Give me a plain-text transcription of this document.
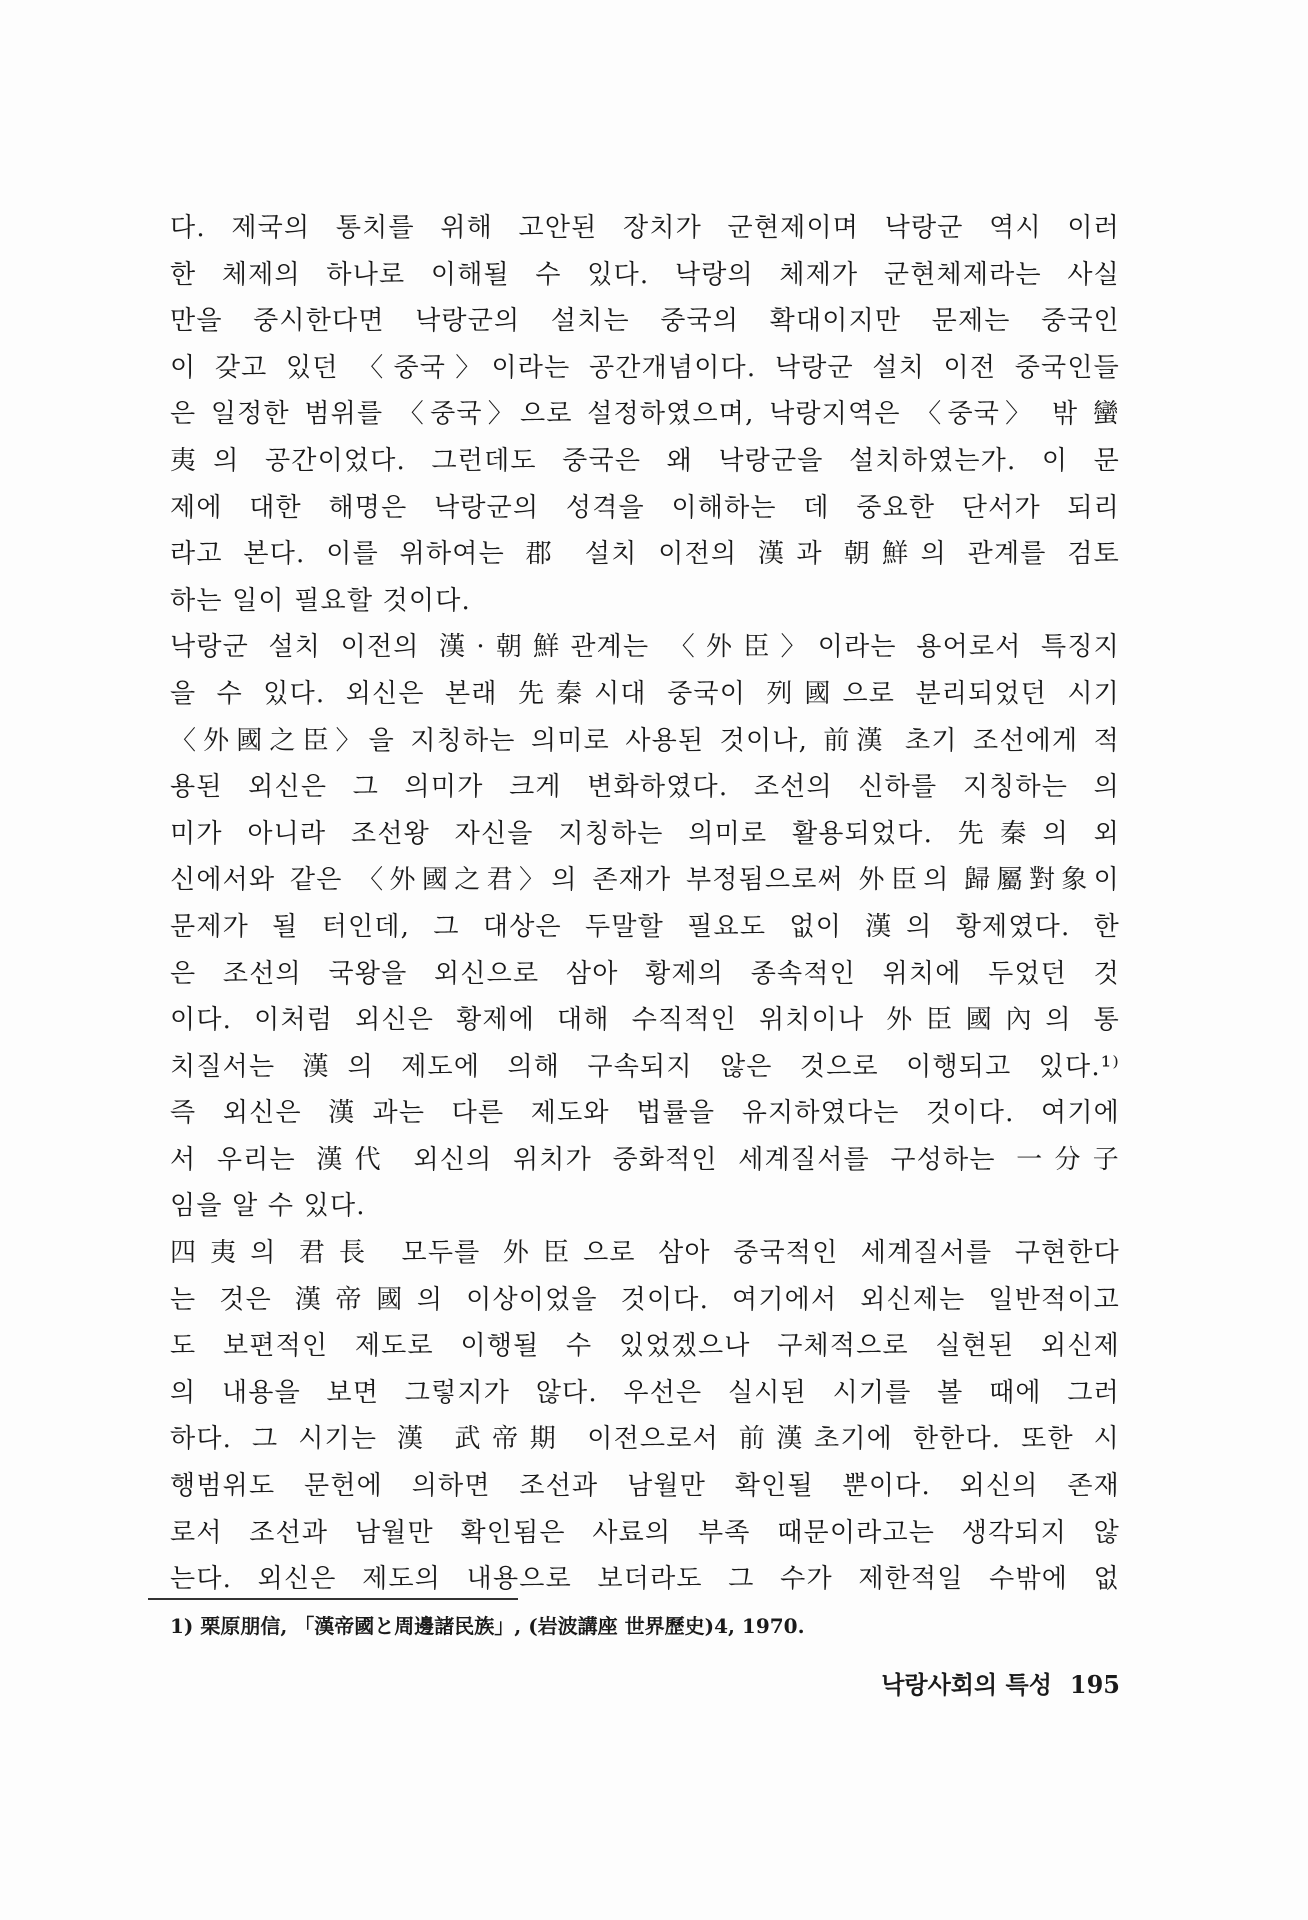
다. 제국의 통치를 위해 고안된 장치가 군현제이며 낙랑군 역시 이러
한 체제의 하나로 이해될 수 있다. 낙랑의 체제가 군현체제라는 사실
만을 중시한다면 낙랑군의 설치는 중국의 확대이지만 문제는 중국인
이 갖고 있던 〈중국〉이라는 공간개념이다. 낙랑군 설치 이전 중국인들
은 일정한 범위를 〈중국〉으로 설정하였으며, 낙랑지역은 〈중국〉 밖 蠻
夷의 공간이었다. 그런데도 중국은 왜 낙랑군을 설치하였는가. 이 문
제에 대한 해명은 낙랑군의 성격을 이해하는 데 중요한 단서가 되리
라고 본다. 이를 위하여는 郡 설치 이전의 漢과 朝鮮의 관계를 검토
하는 일이 필요할 것이다.
낙랑군 설치 이전의 漢·朝鮮관계는 〈外臣〉이라는 용어로서 특징지
을 수 있다. 외신은 본래 先秦시대 중국이 列國으로 분리되었던 시기
〈外國之臣〉을 지칭하는 의미로 사용된 것이나, 前漢 초기 조선에게 적
용된 외신은 그 의미가 크게 변화하였다. 조선의 신하를 지칭하는 의
미가 아니라 조선왕 자신을 지칭하는 의미로 활용되었다. 先秦의 외
신에서와 같은 〈外國之君〉의 존재가 부정됨으로써 外臣의 歸屬對象이
문제가 될 터인데, 그 대상은 두말할 필요도 없이 漢의 황제였다. 한
은 조선의 국왕을 외신으로 삼아 황제의 종속적인 위치에 두었던 것
이다. 이처럼 외신은 황제에 대해 수직적인 위치이나 外臣國內의 통
치질서는 漢의 제도에 의해 구속되지 않은 것으로 이행되고 있다.¹⁾
즉 외신은 漢과는 다른 제도와 법률을 유지하였다는 것이다. 여기에
서 우리는 漢代 외신의 위치가 중화적인 세계질서를 구성하는 一分子
임을 알 수 있다.
四夷의 君長 모두를 外臣으로 삼아 중국적인 세계질서를 구현한다
는 것은 漢帝國의 이상이었을 것이다. 여기에서 외신제는 일반적이고
도 보편적인 제도로 이행될 수 있었겠으나 구체적으로 실현된 외신제
의 내용을 보면 그렇지가 않다. 우선은 실시된 시기를 볼 때에 그러
하다. 그 시기는 漢 武帝期 이전으로서 前漢초기에 한한다. 또한 시
행범위도 문헌에 의하면 조선과 남월만 확인될 뿐이다. 외신의 존재
로서 조선과 남월만 확인됨은 사료의 부족 때문이라고는 생각되지 않
는다. 외신은 제도의 내용으로 보더라도 그 수가 제한적일 수밖에 없
1) 栗原朋信, 「漢帝國と周邊諸民族」, (岩波講座 世界歷史)4, 1970.
낙랑사회의 특성 195
